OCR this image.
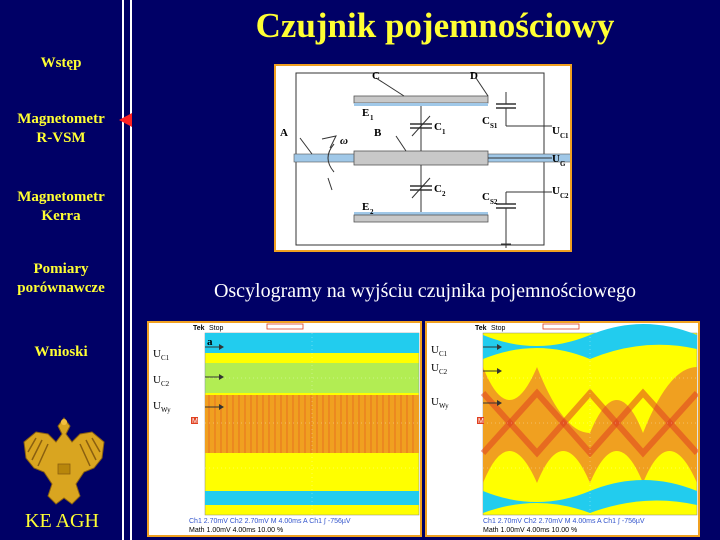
Wstęp
Magnetometr
R-VSM
Magnetometr
Kerra
Pomiary
porównawcze
Wnioski
KE AGH
Czujnik pojemnościowy
C	D
E 1
E 2
B
A
ω
C 1
C 2
C S1
C S2
U C1
U G
U C2
Oscylogramy na wyjściu czujnika pojemnościowego
M
Tek Stop
a
U C1
U C2
U Wy
Ch1 2.70mV Ch2 2.70mV M 4.00ms A Ch1 ∫ -756µV
Math 1.00mV 4.00ms 10.00 %
M
Tek Stop
U C1
U C2
U Wy
Ch1 2.70mV Ch2 2.70mV M 4.00ms A Ch1 ∫ -756µV
Math 1.00mV 4.00ms 10.00 %
